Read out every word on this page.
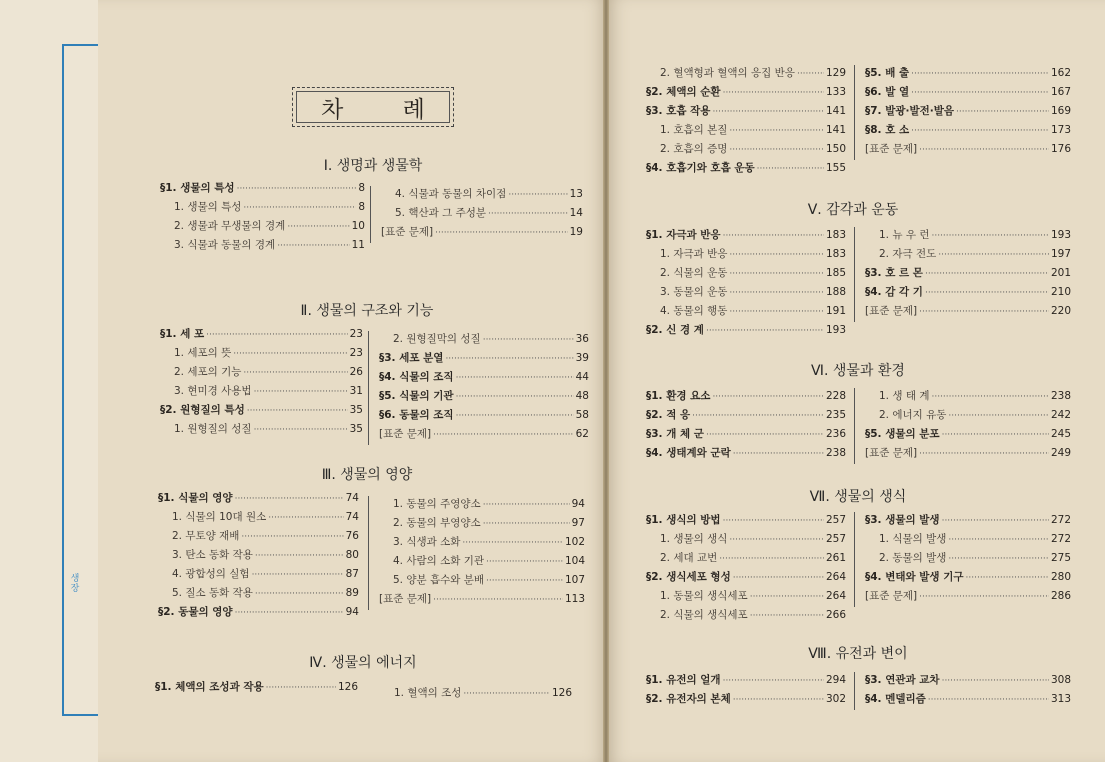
생장
차 례
Ⅰ. 생명과 생물학
Ⅱ. 생물의 구조와 기능
Ⅲ. 생물의 영양
Ⅳ. 생물의 에너지
Ⅴ. 감각과 운동
Ⅵ. 생물과 환경
Ⅶ. 생물의 생식
Ⅷ. 유전과 변이
§1. 생물의 특성 ·····	8
1. 생물의 특성 ·····	8
2. 생물과 무생물의 경계 ·····	10
3. 식물과 동물의 경계 ·····	11
4. 식물과 동물의 차이점 ·····	13
5. 핵산과 그 주성분 ·····	14
[표준 문제] ·····	19
§1. 세 포 ·····	23
1. 세포의 뜻 ·····	23
2. 세포의 기능 ·····	26
3. 현미경 사용법 ·····	31
§2. 원형질의 특성 ·····	35
1. 원형질의 성질 ·····	35
2. 원형질막의 성질 ·····	36
§3. 세포 분열 ·····	39
§4. 식물의 조직 ·····	44
§5. 식물의 기관 ·····	48
§6. 동물의 조직 ·····	58
[표준 문제] ·····	62
§1. 식물의 영양 ·····	74
1. 식물의 10대 원소 ·····	74
2. 무토양 재배 ·····	76
3. 탄소 동화 작용 ·····	80
4. 광합성의 실험 ·····	87
5. 질소 동화 작용 ·····	89
§2. 동물의 영양 ·····	94
1. 동물의 주영양소 ·····	94
2. 동물의 부영양소 ·····	97
3. 식생과 소화 ·····	102
4. 사람의 소화 기관 ·····	104
5. 양분 흡수와 분배 ·····	107
[표준 문제] ·····	113
§1. 체액의 조성과 작용 ·····	126	1. 혈액의 조성 ·····	126
2. 혈액형과 혈액의 응집 반응 ·····	129
§2. 체액의 순환 ·····	133
§3. 호흡 작용 ·····	141
1. 호흡의 본질 ·····	141
2. 호흡의 증명 ·····	150
§4. 호흡기와 호흡 운동 ·····	155
§5. 배 출 ·····	162
§6. 발 열 ·····	167
§7. 발광·발전·발음 ·····	169
§8. 호 소 ·····	173
[표준 문제] ·····	176
§1. 자극과 반응 ·····	183
1. 자극과 반응 ·····	183
2. 식물의 운동 ·····	185
3. 동물의 운동 ·····	188
4. 동물의 행동 ·····	191
§2. 신 경 계 ·····	193
1. 뉴 우 런 ·····	193
2. 자극 전도 ·····	197
§3. 호 르 몬 ·····	201
§4. 감 각 기 ·····	210
[표준 문제] ·····	220
§1. 환경 요소 ·····	228
§2. 적 응 ·····	235
§3. 개 체 군 ·····	236
§4. 생태계와 군락 ·····	238
1. 생 태 계 ·····	238
2. 에너지 유동 ·····	242
§5. 생물의 분포 ·····	245
[표준 문제] ·····	249
§1. 생식의 방법 ·····	257
1. 생물의 생식 ·····	257
2. 세대 교번 ·····	261
§2. 생식세포 형성 ·····	264
1. 동물의 생식세포 ·····	264
2. 식물의 생식세포 ·····	266
§3. 생물의 발생 ·····	272
1. 식물의 발생 ·····	272
2. 동물의 발생 ·····	275
§4. 변태와 발생 기구 ·····	280
[표준 문제] ·····	286
§1. 유전의 얼개 ·····	294
§2. 유전자의 본체 ·····	302
§3. 연관과 교차 ·····	308
§4. 멘델리즘 ·····	313
